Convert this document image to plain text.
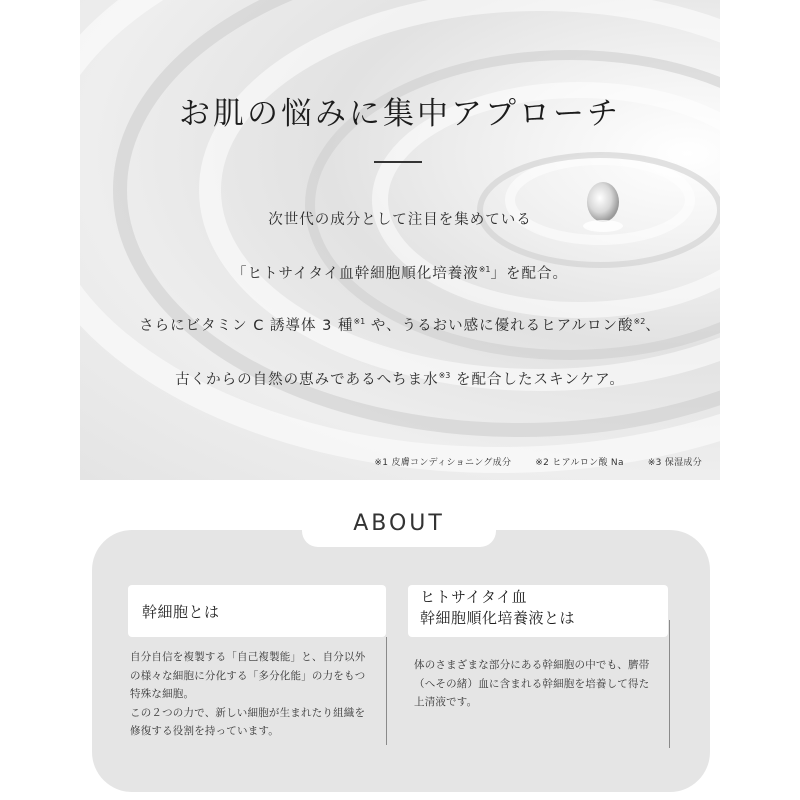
お肌の悩みに集中アプローチ

次世代の成分として注目を集めている

「ヒトサイタイ血幹細胞順化培養液$^{※1}$」を配合。

さらにビタミン C 誘導体 3 種$^{※1}$ や、うるおい感に優れるヒアルロン酸$^{※2}$、

古くからの自然の恵みであるへちま水$^{※3}$ を配合したスキンケア。

※1 皮膚コンディショニング成分	※2 ヒアルロン酸 Na	※3 保湿成分
ABOUT
幹細胞とは
自分自信を複製する「自己複製能」と、自分以外
の様々な細胞に分化する「多分化能」の力をもつ
特殊な細胞。
この２つの力で、新しい細胞が生まれたり組織を
修復する役割を持っています。
ヒトサイタイ血
幹細胞順化培養液とは
体のさまざまな部分にある幹細胞の中でも、臍帯
（へその緒）血に含まれる幹細胞を培養して得た
上清液です。
